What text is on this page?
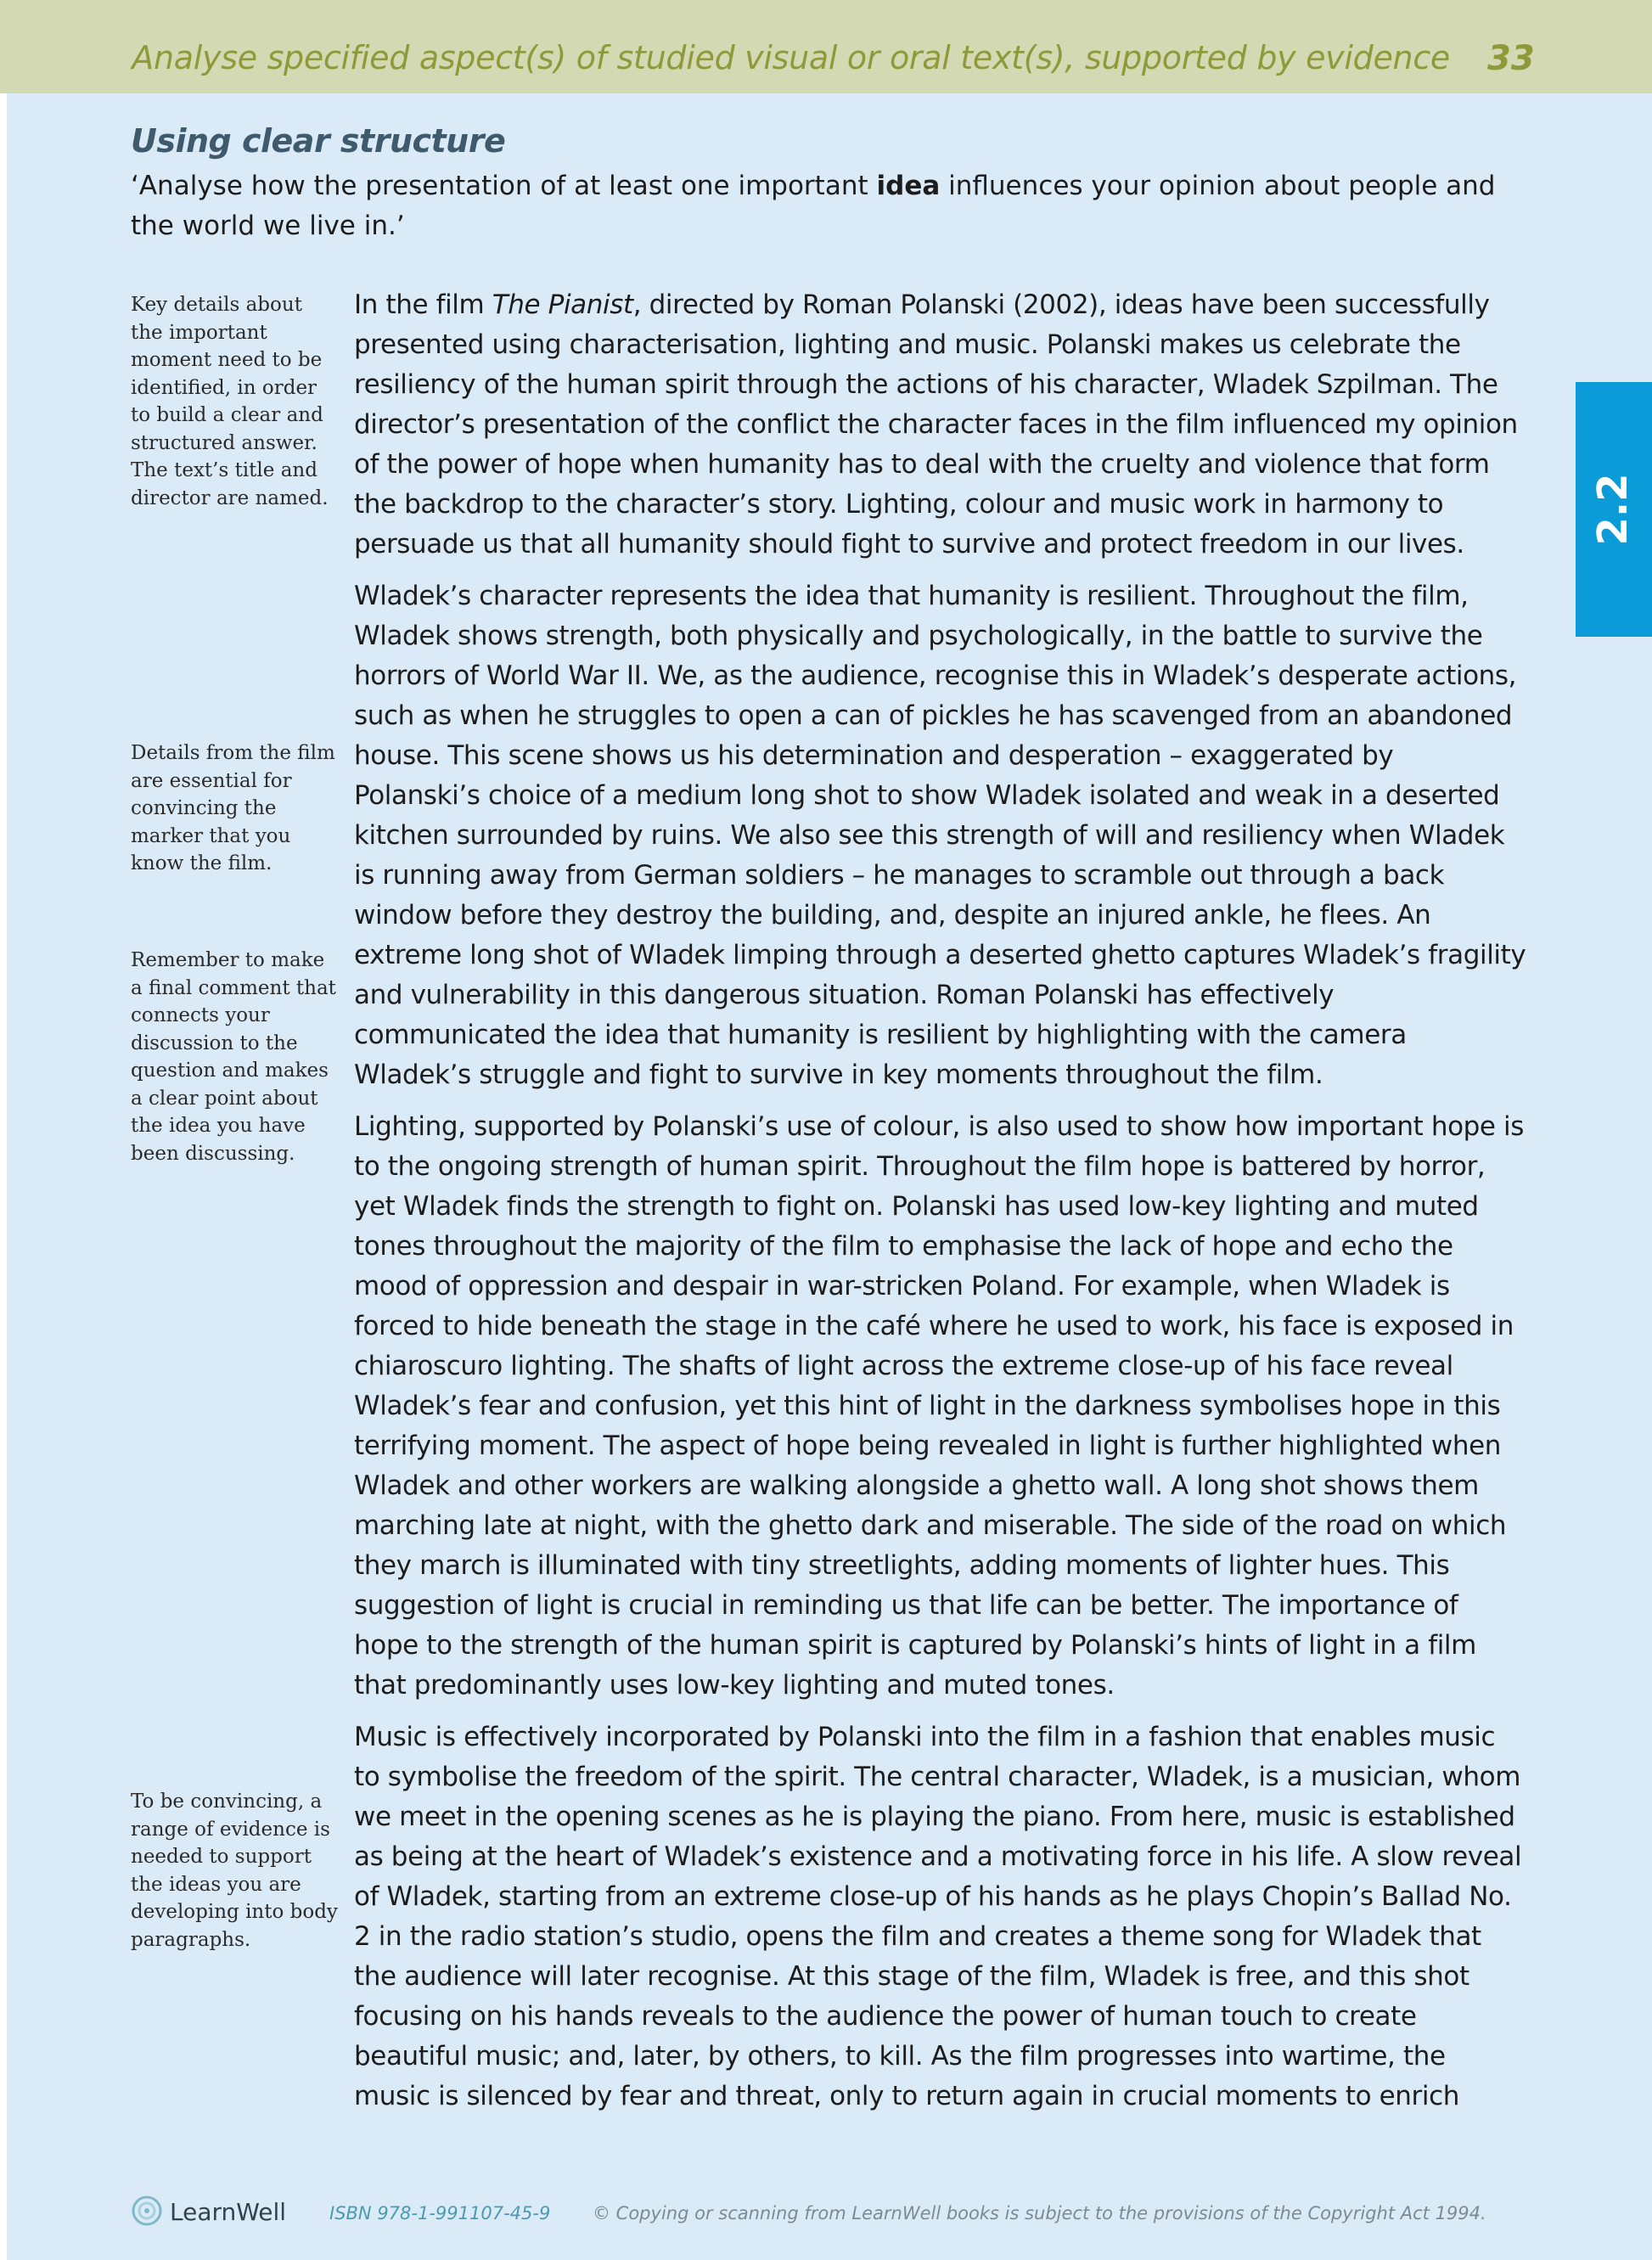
Analyse specified aspect(s) of studied visual or oral text(s), supported by evidence 33
2.2
Using clear structure

‘Analyse how the presentation of at least one important idea influences your opinion about people and the world we live in.’

Key details about the important moment need to be identified, in order to build a clear and structured answer. The text’s title and director are named.

Details from the film are essential for convincing the marker that you know the film.

Remember to make a final comment that connects your discussion to the question and makes a clear point about the idea you have been discussing.

To be convincing, a range of evidence is needed to support the ideas you are developing into body paragraphs.

In the film The Pianist, directed by Roman Polanski (2002), ideas have been successfully presented using characterisation, lighting and music. Polanski makes us celebrate the resiliency of the human spirit through the actions of his character, Wladek Szpilman. The director’s presentation of the conflict the character faces in the film influenced my opinion of the power of hope when humanity has to deal with the cruelty and violence that form the backdrop to the character’s story. Lighting, colour and music work in harmony to persuade us that all humanity should fight to survive and protect freedom in our lives.

Wladek’s character represents the idea that humanity is resilient. Throughout the film, Wladek shows strength, both physically and psychologically, in the battle to survive the horrors of World War II. We, as the audience, recognise this in Wladek’s desperate actions, such as when he struggles to open a can of pickles he has scavenged from an abandoned house. This scene shows us his determination and desperation – exaggerated by Polanski’s choice of a medium long shot to show Wladek isolated and weak in a deserted kitchen surrounded by ruins. We also see this strength of will and resiliency when Wladek is running away from German soldiers – he manages to scramble out through a back window before they destroy the building, and, despite an injured ankle, he flees. An extreme long shot of Wladek limping through a deserted ghetto captures Wladek’s fragility and vulnerability in this dangerous situation. Roman Polanski has effectively communicated the idea that humanity is resilient by highlighting with the camera Wladek’s struggle and fight to survive in key moments throughout the film.

Lighting, supported by Polanski’s use of colour, is also used to show how important hope is to the ongoing strength of human spirit. Throughout the film hope is battered by horror, yet Wladek finds the strength to fight on. Polanski has used low-key lighting and muted tones throughout the majority of the film to emphasise the lack of hope and echo the mood of oppression and despair in war-stricken Poland. For example, when Wladek is forced to hide beneath the stage in the café where he used to work, his face is exposed in chiaroscuro lighting. The shafts of light across the extreme close-up of his face reveal Wladek’s fear and confusion, yet this hint of light in the darkness symbolises hope in this terrifying moment. The aspect of hope being revealed in light is further highlighted when Wladek and other workers are walking alongside a ghetto wall. A long shot shows them marching late at night, with the ghetto dark and miserable. The side of the road on which they march is illuminated with tiny streetlights, adding moments of lighter hues. This suggestion of light is crucial in reminding us that life can be better. The importance of hope to the strength of the human spirit is captured by Polanski’s hints of light in a film that predominantly uses low-key lighting and muted tones.

Music is effectively incorporated by Polanski into the film in a fashion that enables music to symbolise the freedom of the spirit. The central character, Wladek, is a musician, whom we meet in the opening scenes as he is playing the piano. From here, music is established as being at the heart of Wladek’s existence and a motivating force in his life. A slow reveal of Wladek, starting from an extreme close-up of his hands as he plays Chopin’s Ballad No. 2 in the radio station’s studio, opens the film and creates a theme song for Wladek that the audience will later recognise. At this stage of the film, Wladek is free, and this shot focusing on his hands reveals to the audience the power of human touch to create beautiful music; and, later, by others, to kill. As the film progresses into wartime, the music is silenced by fear and threat, only to return again in crucial moments to enrich

LearnWell ISBN 978-1-991107-45-9 © Copying or scanning from LearnWell books is subject to the provisions of the Copyright Act 1994.
